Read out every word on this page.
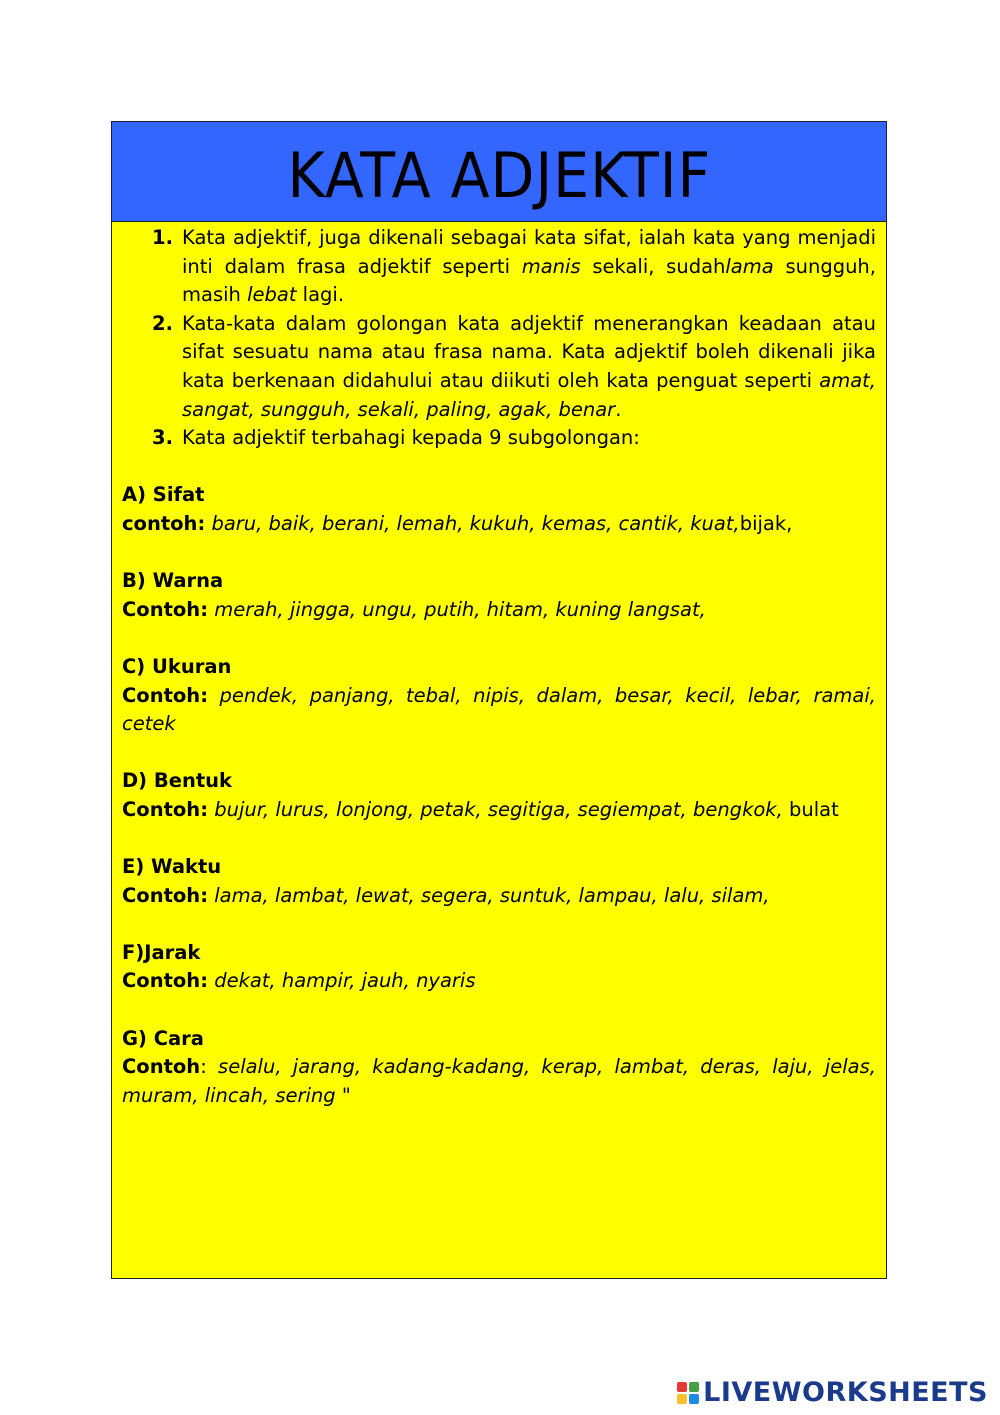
KATA ADJEKTIF
1. Kata adjektif, juga dikenali sebagai kata sifat, ialah kata yang menjadi inti dalam frasa adjektif seperti manis sekali, sudahlama sungguh, masih lebat lagi.
2. Kata-kata dalam golongan kata adjektif menerangkan keadaan atau sifat sesuatu nama atau frasa nama. Kata adjektif boleh dikenali jika kata berkenaan didahului atau diikuti oleh kata penguat seperti amat, sangat, sungguh, sekali, paling, agak, benar.
3. Kata adjektif terbahagi kepada 9 subgolongan:
A) Sifat
contoh: baru, baik, berani, lemah, kukuh, kemas, cantik, kuat,bijak,
B) Warna
Contoh: merah, jingga, ungu, putih, hitam, kuning langsat,
C) Ukuran
Contoh: pendek, panjang, tebal, nipis, dalam, besar, kecil, lebar, ramai, cetek
D) Bentuk
Contoh: bujur, lurus, lonjong, petak, segitiga, segiempat, bengkok, bulat
E) Waktu
Contoh: lama, lambat, lewat, segera, suntuk, lampau, lalu, silam,
F)Jarak
Contoh: dekat, hampir, jauh, nyaris
G) Cara
Contoh: selalu, jarang, kadang-kadang, kerap, lambat, deras, laju, jelas, muram, lincah, sering "
LIVEWORKSHEETS
